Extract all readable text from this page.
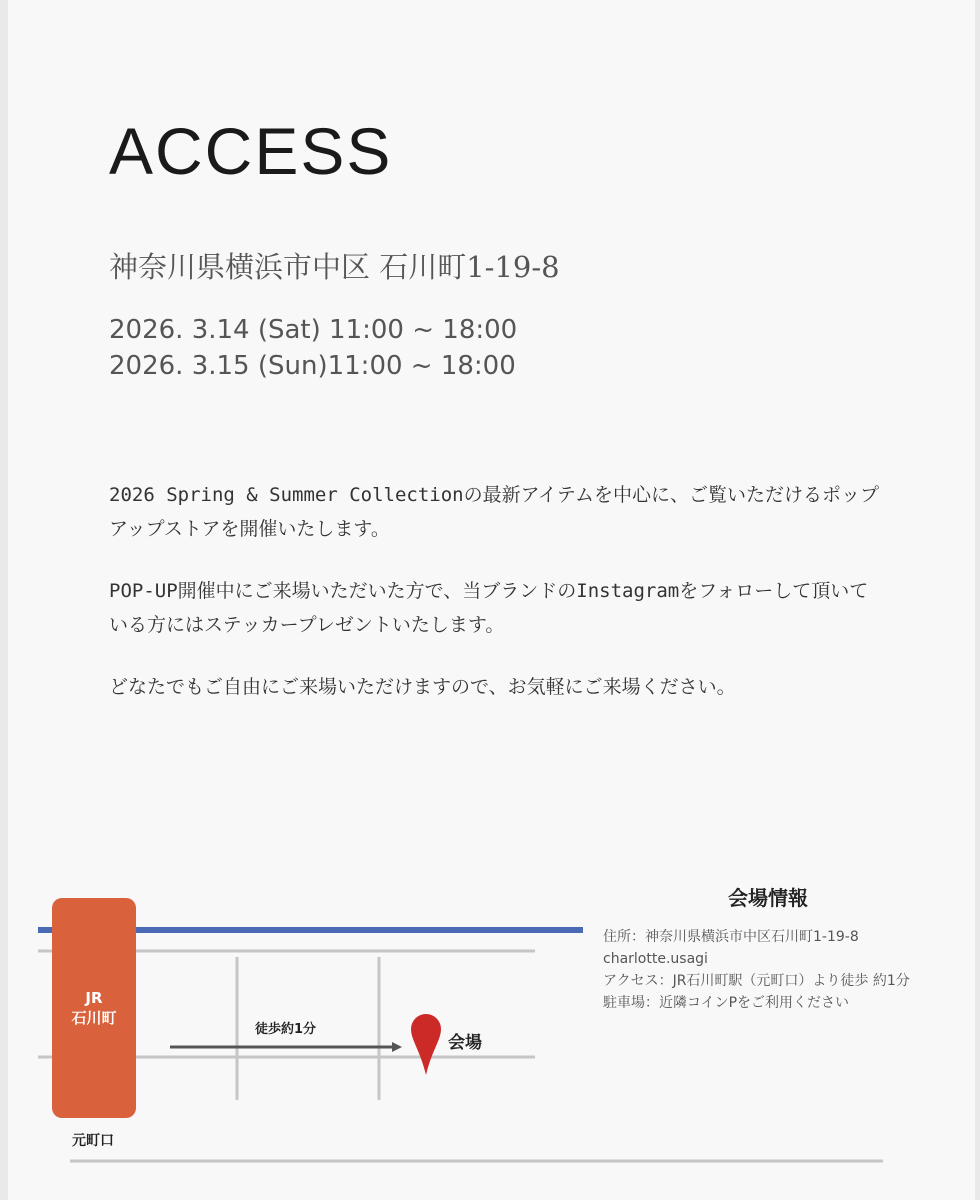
ACCESS

神奈川県横浜市中区 石川町1-19-8

2026. 3.14 (Sat) 11:00 ~ 18:00
2026. 3.15 (Sun)11:00 ~ 18:00

2026 Spring & Summer Collectionの最新アイテムを中心に、ご覧いただけるポップアップストアを開催いたします。

POP-UP開催中にご来場いただいた方で、当ブランドのInstagramをフォローして頂いている方にはステッカープレゼントいたします。

どなたでもご自由にご来場いただけますので、お気軽にご来場ください。

JR
石川町
元町口
徒歩約1分
会場
会場情報
住所：神奈川県横浜市中区石川町1-19-8
charlotte.usagi
アクセス：JR石川町駅（元町口）より徒歩 約1分
駐車場：近隣コインPをご利用ください
